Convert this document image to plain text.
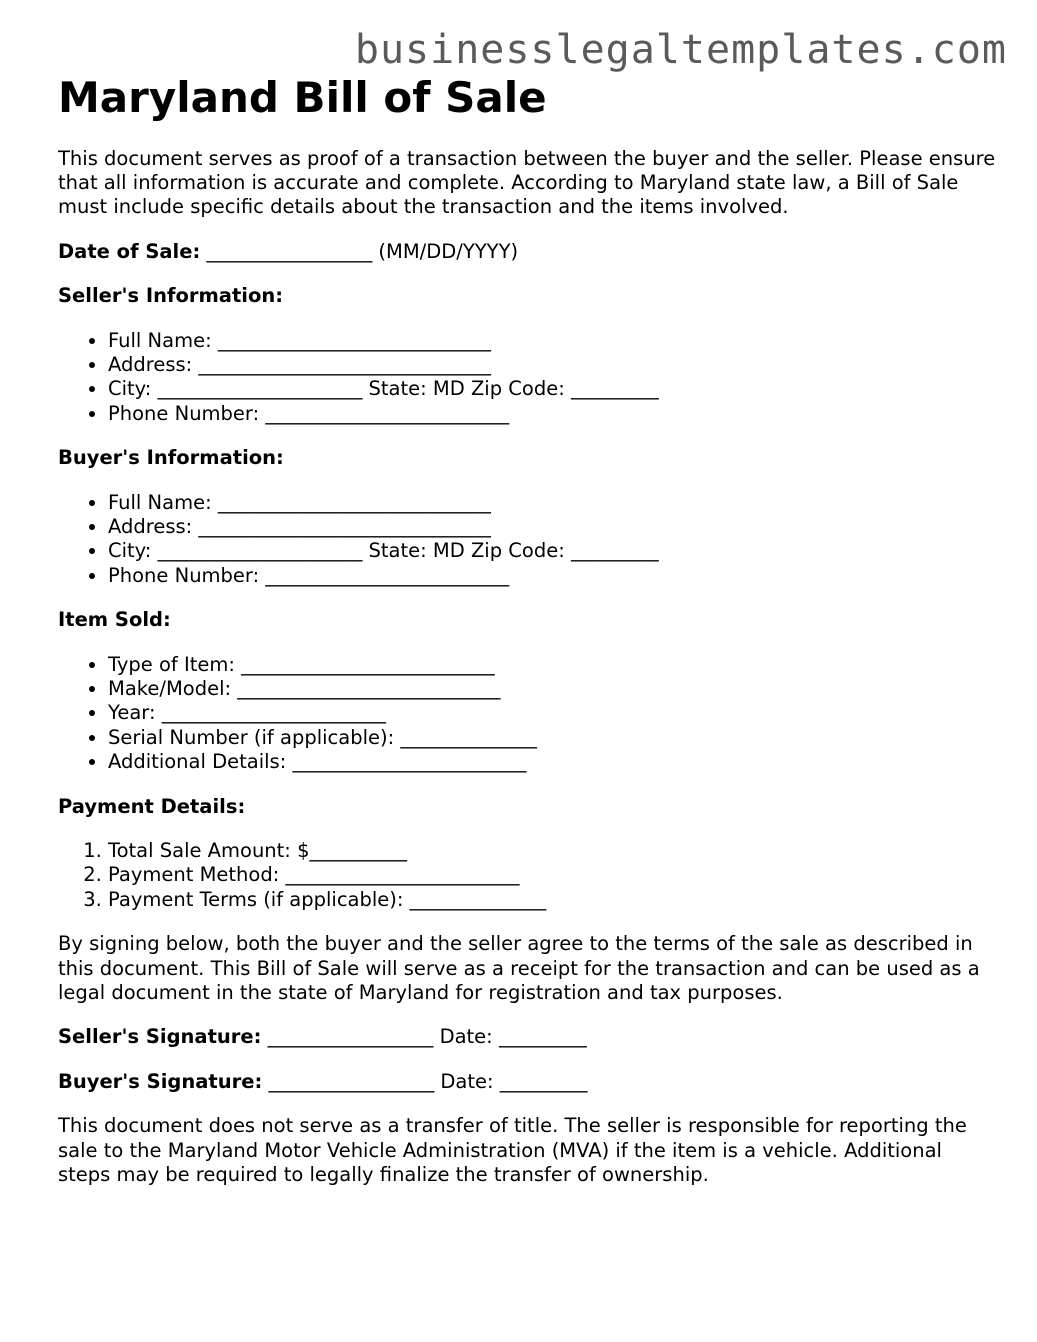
businesslegaltemplates.com
Maryland Bill of Sale

This document serves as proof of a transaction between the buyer and the seller. Please ensure that all information is accurate and complete. According to Maryland state law, a Bill of Sale must include specific details about the transaction and the items involved.

Date of Sale: _________________ (MM/DD/YYYY)

Seller's Information:
• Full Name: ____________________________
• Address: ______________________________
• City: _____________________ State: MD Zip Code: _________
• Phone Number: _________________________
Buyer's Information:
• Full Name: ____________________________
• Address: ______________________________
• City: _____________________ State: MD Zip Code: _________
• Phone Number: _________________________
Item Sold:
• Type of Item: __________________________
• Make/Model: ___________________________
• Year: _______________________
• Serial Number (if applicable): ______________
• Additional Details: ________________________
Payment Details:
1. Total Sale Amount: $__________
2. Payment Method: ________________________
3. Payment Terms (if applicable): ______________

By signing below, both the buyer and the seller agree to the terms of the sale as described in this document. This Bill of Sale will serve as a receipt for the transaction and can be used as a legal document in the state of Maryland for registration and tax purposes.

Seller's Signature: _________________ Date: _________
Buyer's Signature: _________________ Date: _________

This document does not serve as a transfer of title. The seller is responsible for reporting the sale to the Maryland Motor Vehicle Administration (MVA) if the item is a vehicle. Additional steps may be required to legally finalize the transfer of ownership.
